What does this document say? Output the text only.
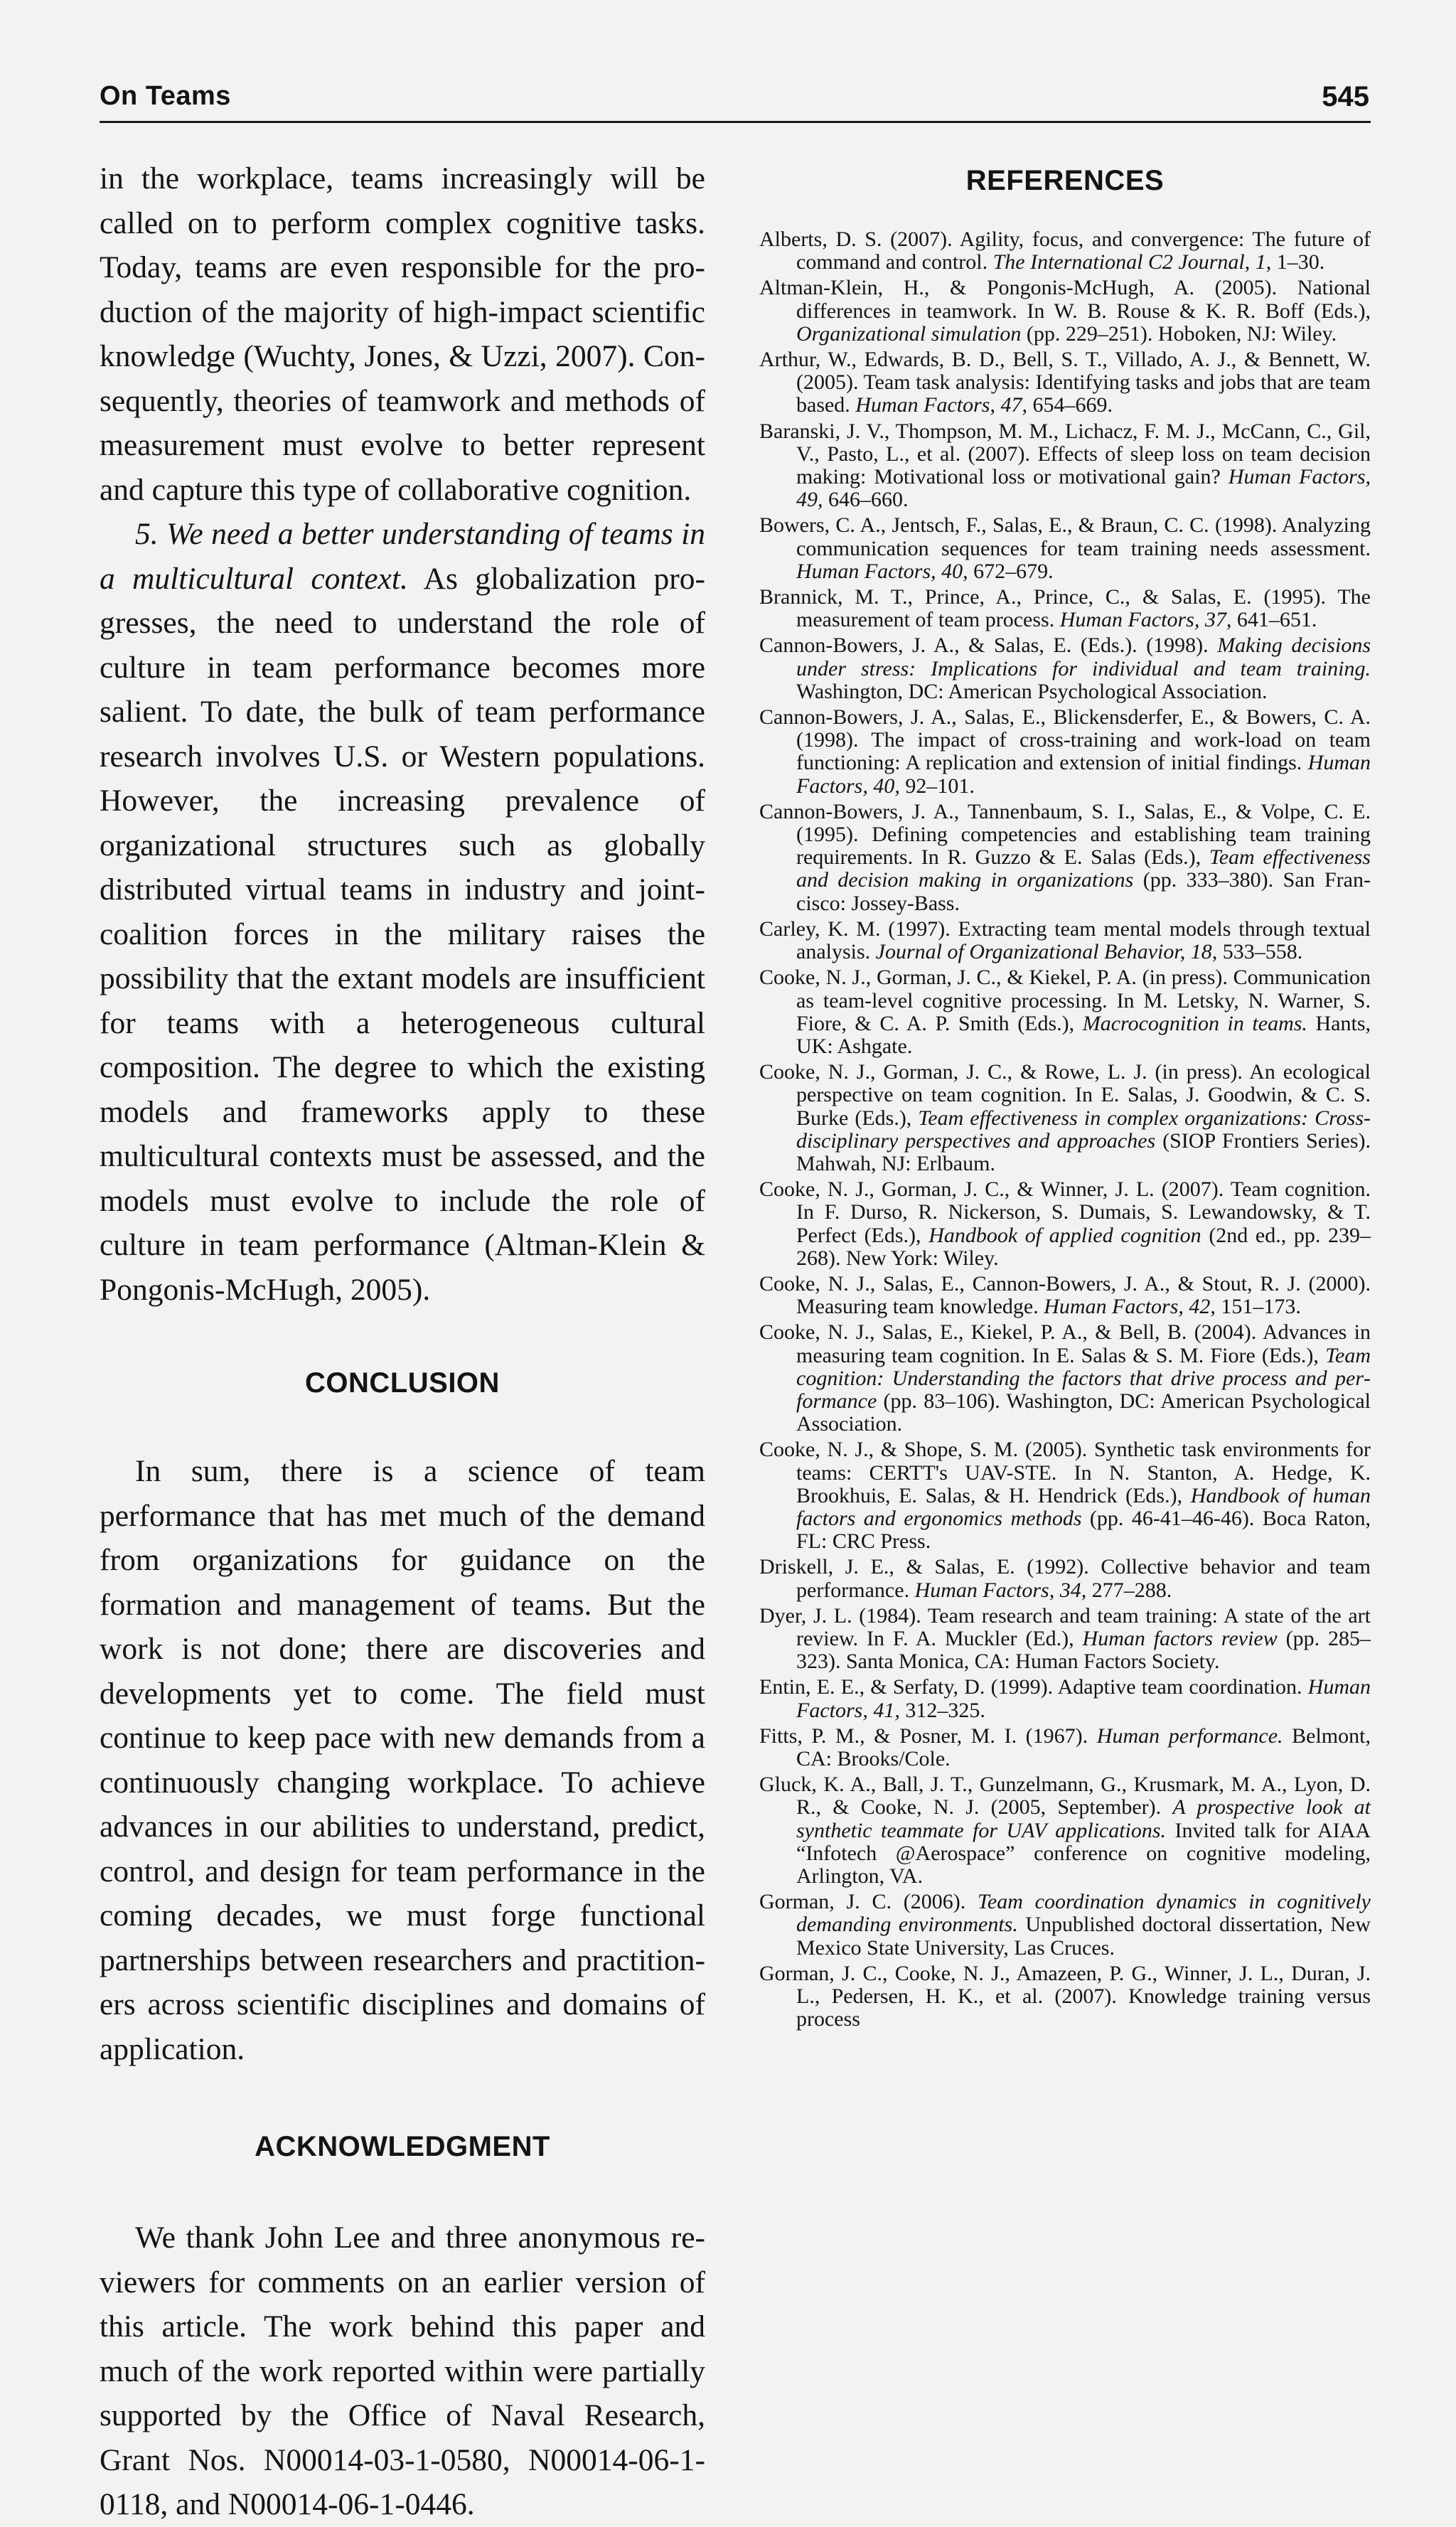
On Teams	545

in the workplace, teams increasingly will be called on to perform complex cognitive tasks. Today, teams are even responsible for the production of the majority of high-impact scientific knowledge (Wuchty, Jones, & Uzzi, 2007). Consequently, theories of teamwork and methods of measurement must evolve to better represent and capture this type of collaborative cognition.

5. We need a better understanding of teams in a multicultural context. As globalization progresses, the need to understand the role of culture in team performance becomes more salient. To date, the bulk of team performance research involves U.S. or Western populations. However, the increasing prevalence of organizational structures such as globally distributed virtual teams in industry and joint-coalition forces in the military raises the possibility that the extant models are insufficient for teams with a heterogeneous cultural composition. The degree to which the existing models and frameworks apply to these multicultural contexts must be assessed, and the models must evolve to include the role of culture in team performance (Altman-Klein & Pongonis-McHugh, 2005).

CONCLUSION

In sum, there is a science of team performance that has met much of the demand from organizations for guidance on the formation and management of teams. But the work is not done; there are discoveries and developments yet to come. The field must continue to keep pace with new demands from a continuously changing workplace. To achieve advances in our abilities to understand, predict, control, and design for team performance in the coming decades, we must forge functional partnerships between researchers and practitioners across scientific disciplines and domains of application.

ACKNOWLEDGMENT

We thank John Lee and three anonymous reviewers for comments on an earlier version of this article. The work behind this paper and much of the work reported within were partially supported by the Office of Naval Research, Grant Nos. N00014-03-1-0580, N00014-06-1-0118, and N00014-06-1-0446.

REFERENCES
Alberts, D. S. (2007). Agility, focus, and convergence: The future of command and control. The International C2 Journal, 1, 1–30.
Altman-Klein, H., & Pongonis-McHugh, A. (2005). National differences in teamwork. In W. B. Rouse & K. R. Boff (Eds.), Organizational simulation (pp. 229–251). Hoboken, NJ: Wiley.
Arthur, W., Edwards, B. D., Bell, S. T., Villado, A. J., & Bennett, W. (2005). Team task analysis: Identifying tasks and jobs that are team based. Human Factors, 47, 654–669.
Baranski, J. V., Thompson, M. M., Lichacz, F. M. J., McCann, C., Gil, V., Pasto, L., et al. (2007). Effects of sleep loss on team decision making: Motivational loss or motivational gain? Human Factors, 49, 646–660.
Bowers, C. A., Jentsch, F., Salas, E., & Braun, C. C. (1998). Analyzing communication sequences for team training needs assessment. Human Factors, 40, 672–679.
Brannick, M. T., Prince, A., Prince, C., & Salas, E. (1995). The measurement of team process. Human Factors, 37, 641–651.
Cannon-Bowers, J. A., & Salas, E. (Eds.). (1998). Making decisions under stress: Implications for individual and team training. Washington, DC: American Psychological Association.
Cannon-Bowers, J. A., Salas, E., Blickensderfer, E., & Bowers, C. A. (1998). The impact of cross-training and work-load on team functioning: A replication and extension of initial findings. Human Factors, 40, 92–101.
Cannon-Bowers, J. A., Tannenbaum, S. I., Salas, E., & Volpe, C. E. (1995). Defining competencies and establishing team training requirements. In R. Guzzo & E. Salas (Eds.), Team effectiveness and decision making in organizations (pp. 333–380). San Francisco: Jossey-Bass.
Carley, K. M. (1997). Extracting team mental models through textual analysis. Journal of Organizational Behavior, 18, 533–558.
Cooke, N. J., Gorman, J. C., & Kiekel, P. A. (in press). Communication as team-level cognitive processing. In M. Letsky, N. Warner, S. Fiore, & C. A. P. Smith (Eds.), Macrocognition in teams. Hants, UK: Ashgate.
Cooke, N. J., Gorman, J. C., & Rowe, L. J. (in press). An ecological perspective on team cognition. In E. Salas, J. Goodwin, & C. S. Burke (Eds.), Team effectiveness in complex organizations: Cross-disciplinary perspectives and approaches (SIOP Frontiers Series). Mahwah, NJ: Erlbaum.
Cooke, N. J., Gorman, J. C., & Winner, J. L. (2007). Team cognition. In F. Durso, R. Nickerson, S. Dumais, S. Lewandowsky, & T. Perfect (Eds.), Handbook of applied cognition (2nd ed., pp. 239–268). New York: Wiley.
Cooke, N. J., Salas, E., Cannon-Bowers, J. A., & Stout, R. J. (2000). Measuring team knowledge. Human Factors, 42, 151–173.
Cooke, N. J., Salas, E., Kiekel, P. A., & Bell, B. (2004). Advances in measuring team cognition. In E. Salas & S. M. Fiore (Eds.), Team cognition: Understanding the factors that drive process and performance (pp. 83–106). Washington, DC: American Psychological Association.
Cooke, N. J., & Shope, S. M. (2005). Synthetic task environments for teams: CERTT's UAV-STE. In N. Stanton, A. Hedge, K. Brookhuis, E. Salas, & H. Hendrick (Eds.), Handbook of human factors and ergonomics methods (pp. 46-41–46-46). Boca Raton, FL: CRC Press.
Driskell, J. E., & Salas, E. (1992). Collective behavior and team performance. Human Factors, 34, 277–288.
Dyer, J. L. (1984). Team research and team training: A state of the art review. In F. A. Muckler (Ed.), Human factors review (pp. 285–323). Santa Monica, CA: Human Factors Society.
Entin, E. E., & Serfaty, D. (1999). Adaptive team coordination. Human Factors, 41, 312–325.
Fitts, P. M., & Posner, M. I. (1967). Human performance. Belmont, CA: Brooks/Cole.
Gluck, K. A., Ball, J. T., Gunzelmann, G., Krusmark, M. A., Lyon, D. R., & Cooke, N. J. (2005, September). A prospective look at synthetic teammate for UAV applications. Invited talk for AIAA “Infotech @Aerospace” conference on cognitive modeling, Arlington, VA.
Gorman, J. C. (2006). Team coordination dynamics in cognitively demanding environments. Unpublished doctoral dissertation, New Mexico State University, Las Cruces.
Gorman, J. C., Cooke, N. J., Amazeen, P. G., Winner, J. L., Duran, J. L., Pedersen, H. K., et al. (2007). Knowledge training versus process
